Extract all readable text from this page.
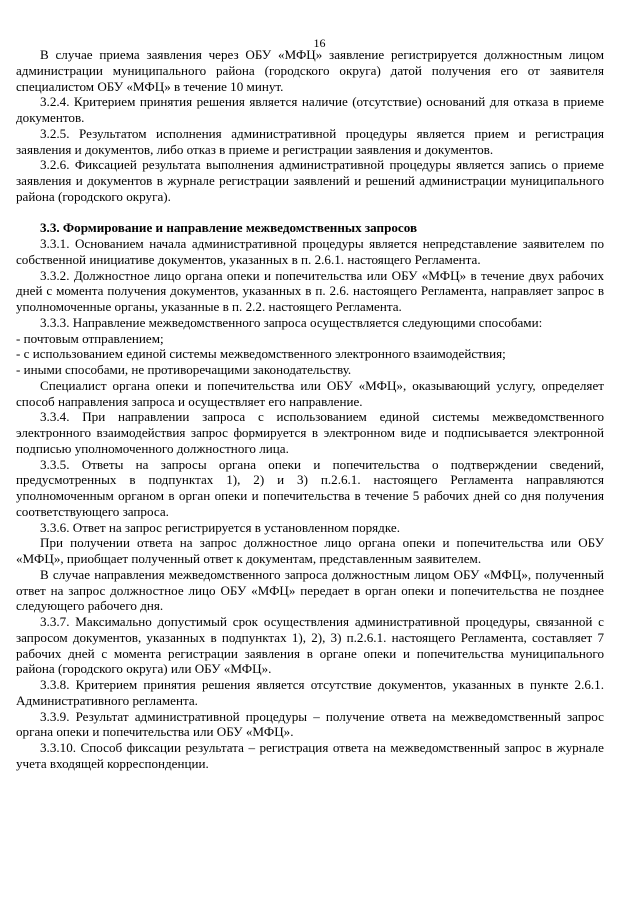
16

В случае приема заявления через ОБУ «МФЦ» заявление регистрируется должностным лицом администрации муниципального района (городского округа) датой получения его от заявителя специалистом ОБУ «МФЦ» в течение 10 минут.

3.2.4. Критерием принятия решения является наличие (отсутствие) оснований для отказа в приеме документов.

3.2.5. Результатом исполнения административной процедуры является прием и регистрация заявления и документов, либо отказ в приеме и регистрации заявления и документов.

3.2.6. Фиксацией результата выполнения административной процедуры является запись о приеме заявления и документов в журнале регистрации заявлений и решений администрации муниципального района (городского округа).

3.3. Формирование и направление межведомственных запросов

3.3.1. Основанием начала административной процедуры является непредставление заявителем по собственной инициативе документов, указанных в п. 2.6.1. настоящего Регламента.

3.3.2. Должностное лицо органа опеки и попечительства или ОБУ «МФЦ» в течение двух рабочих дней с момента получения документов, указанных в п. 2.6. настоящего Регламента, направляет запрос в уполномоченные органы, указанные в п. 2.2. настоящего Регламента.

3.3.3. Направление межведомственного запроса осуществляется следующими способами:

- почтовым отправлением;

- с использованием единой системы межведомственного электронного взаимодействия;

- иными способами, не противоречащими законодательству.

Специалист органа опеки и попечительства или ОБУ «МФЦ», оказывающий услугу, определяет способ направления запроса и осуществляет его направление.

3.3.4. При направлении запроса с использованием единой системы межведомственного электронного взаимодействия запрос формируется в электронном виде и подписывается электронной подписью уполномоченного должностного лица.

3.3.5. Ответы на запросы органа опеки и попечительства о подтверждении сведений, предусмотренных в подпунктах 1), 2) и 3) п.2.6.1. настоящего Регламента направляются уполномоченным органом в орган опеки и попечительства в течение 5 рабочих дней со дня получения соответствующего запроса.

3.3.6. Ответ на запрос регистрируется в установленном порядке.

При получении ответа на запрос должностное лицо органа опеки и попечительства или ОБУ «МФЦ», приобщает полученный ответ к документам, представленным заявителем.

В случае направления межведомственного запроса должностным лицом ОБУ «МФЦ», полученный ответ на запрос должностное лицо ОБУ «МФЦ» передает в орган опеки и попечительства не позднее следующего рабочего дня.

3.3.7. Максимально допустимый срок осуществления административной процедуры, связанной с запросом документов, указанных в подпунктах 1), 2), 3) п.2.6.1. настоящего Регламента, составляет 7 рабочих дней с момента регистрации заявления в органе опеки и попечительства муниципального района (городского округа) или ОБУ «МФЦ».

3.3.8. Критерием принятия решения является отсутствие документов, указанных в пункте 2.6.1. Административного регламента.

3.3.9. Результат административной процедуры – получение ответа на межведомственный запрос органа опеки и попечительства или ОБУ «МФЦ».

3.3.10. Способ фиксации результата – регистрация ответа на межведомственный запрос в журнале учета входящей корреспонденции.
